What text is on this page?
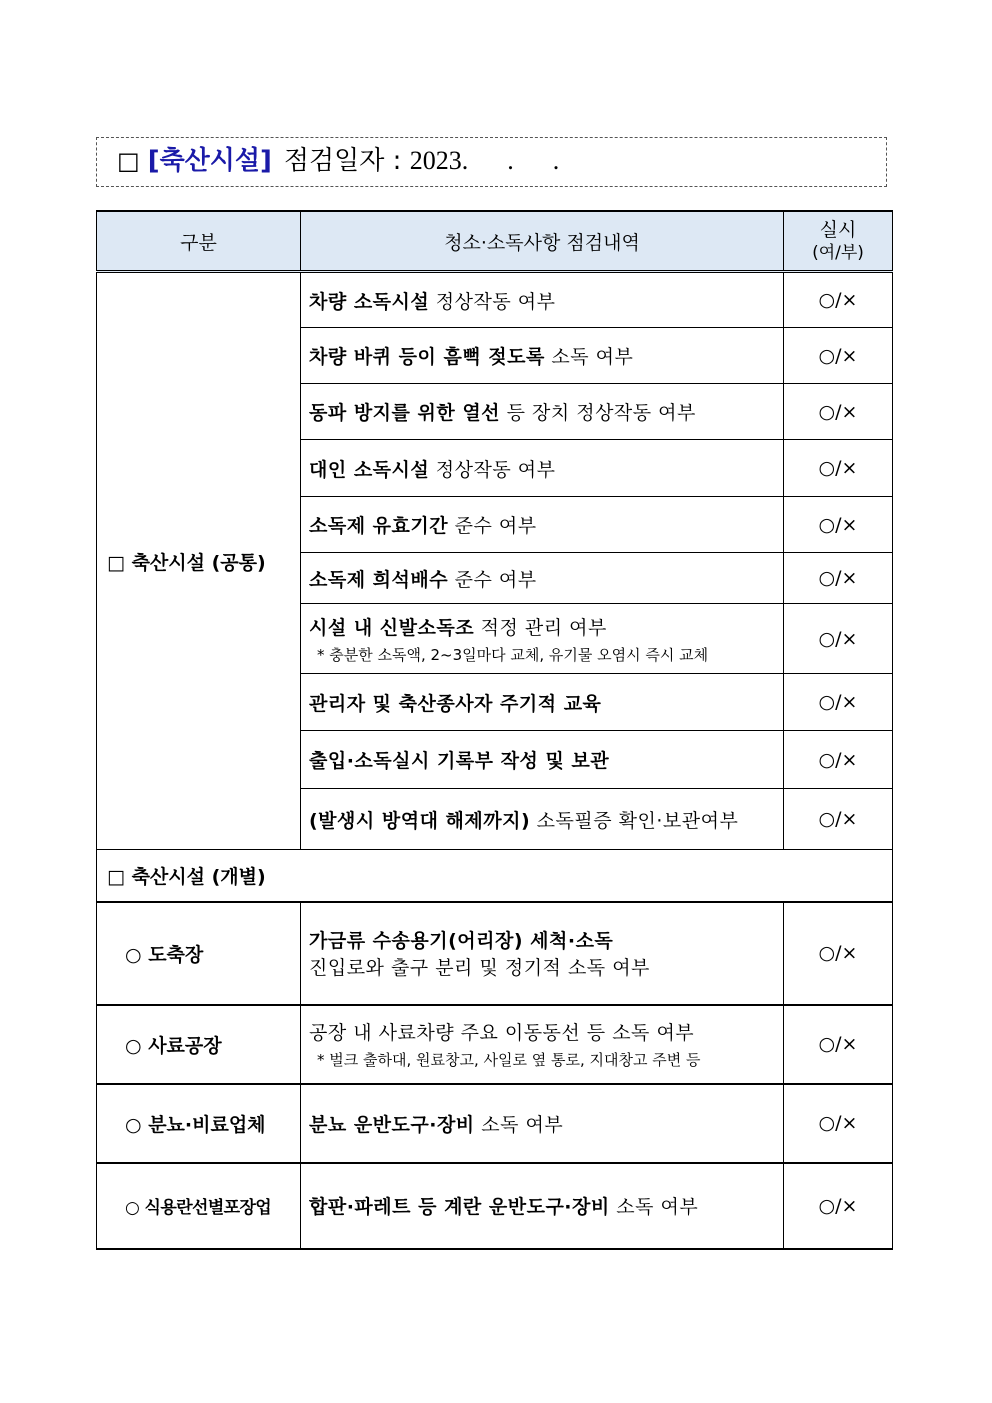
□ [축산시설] 점검일자 : 2023.      .      .
구분	청소·소독사항 점검내역	실시
(여/부)

□ 축산시설 (공통)	차량 소독시설 정상작동 여부	○/×
	차량 바퀴 등이 흠뻑 젖도록 소독 여부	○/×
	동파 방지를 위한 열선 등 장치 정상작동 여부	○/×
	대인 소독시설 정상작동 여부	○/×
	소독제 유효기간 준수 여부	○/×
	소독제 희석배수 준수 여부	○/×
	시설 내 신발소독조 적정 관리 여부
* 충분한 소독액, 2~3일마다 교체, 유기물 오염시 즉시 교체	○/×
	관리자 및 축산종사자 주기적 교육	○/×
	출입·소독실시 기록부 작성 및 보관	○/×
	(발생시 방역대 해제까지) 소독필증 확인·보관여부	○/×
□ 축산시설 (개별)		
○ 도축장	가금류 수송용기(어리장) 세척·소독
진입로와 출구 분리 및 정기적 소독 여부	○/×
○ 사료공장	공장 내 사료차량 주요 이동동선 등 소독 여부
* 벌크 출하대, 원료창고, 사일로 옆 통로, 지대창고 주변 등	○/×
○ 분뇨·비료업체	분뇨 운반도구·장비 소독 여부	○/×
○ 식용란선별포장업	합판·파레트 등 계란 운반도구·장비 소독 여부	○/×
